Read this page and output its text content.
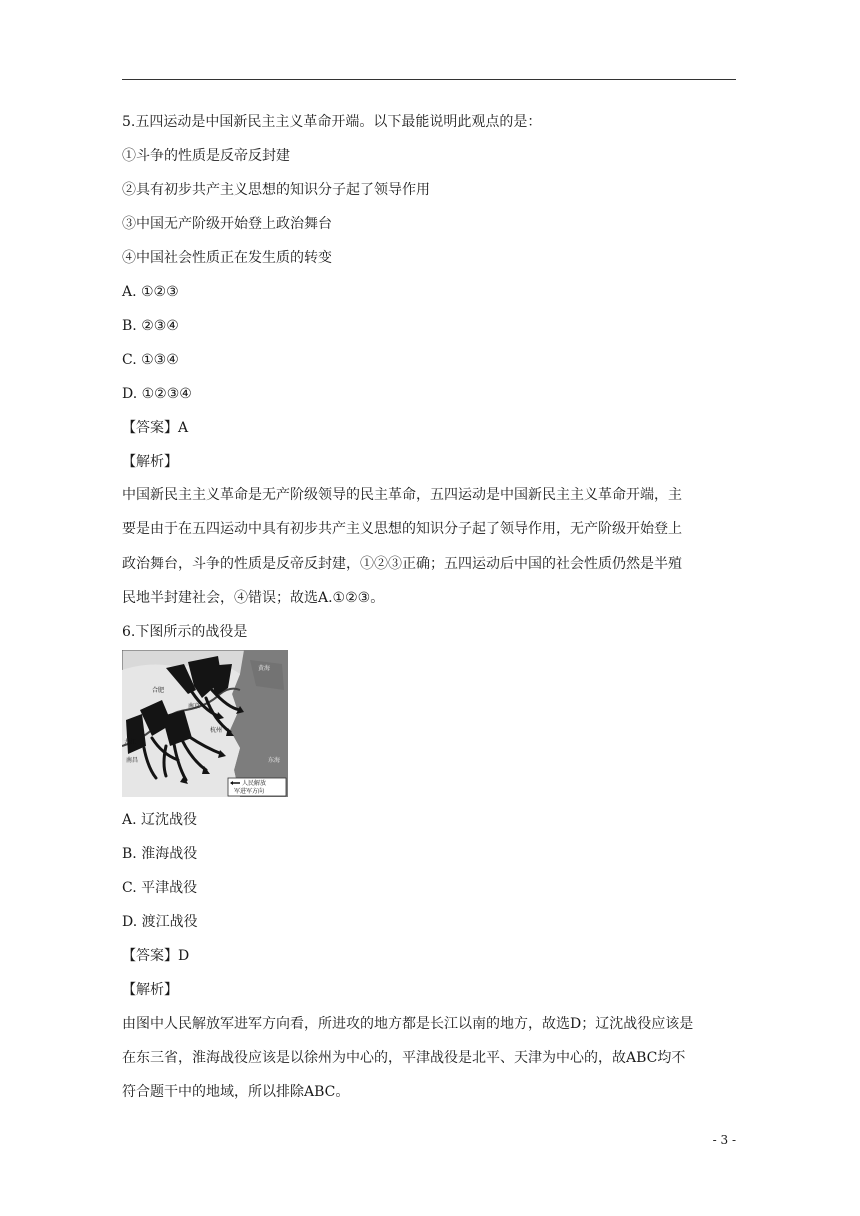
5.五四运动是中国新民主主义革命开端。以下最能说明此观点的是：
①斗争的性质是反帝反封建
②具有初步共产主义思想的知识分子起了领导作用
③中国无产阶级开始登上政治舞台
④中国社会性质正在发生质的转变
A. ①②③
B. ②③④
C. ①③④
D. ①②③④
【答案】A
【解析】
中国新民主主义革命是无产阶级领导的民主革命，五四运动是中国新民主主义革命开端，主
要是由于在五四运动中具有初步共产主义思想的知识分子起了领导作用，无产阶级开始登上
政治舞台，斗争的性质是反帝反封建，①②③正确；五四运动后中国的社会性质仍然是半殖
民地半封建社会，④错误；故选A.①②③。
6.下图所示的战役是
合肥
南京
杭州
九江
南昌	东海
黄海
人民解放
军进军方向
A. 辽沈战役
B. 淮海战役
C. 平津战役
D. 渡江战役
【答案】D
【解析】
由图中人民解放军进军方向看，所进攻的地方都是长江以南的地方，故选D；辽沈战役应该是
在东三省，淮海战役应该是以徐州为中心的，平津战役是北平、天津为中心的，故ABC均不
符合题干中的地域，所以排除ABC。
- 3 -
